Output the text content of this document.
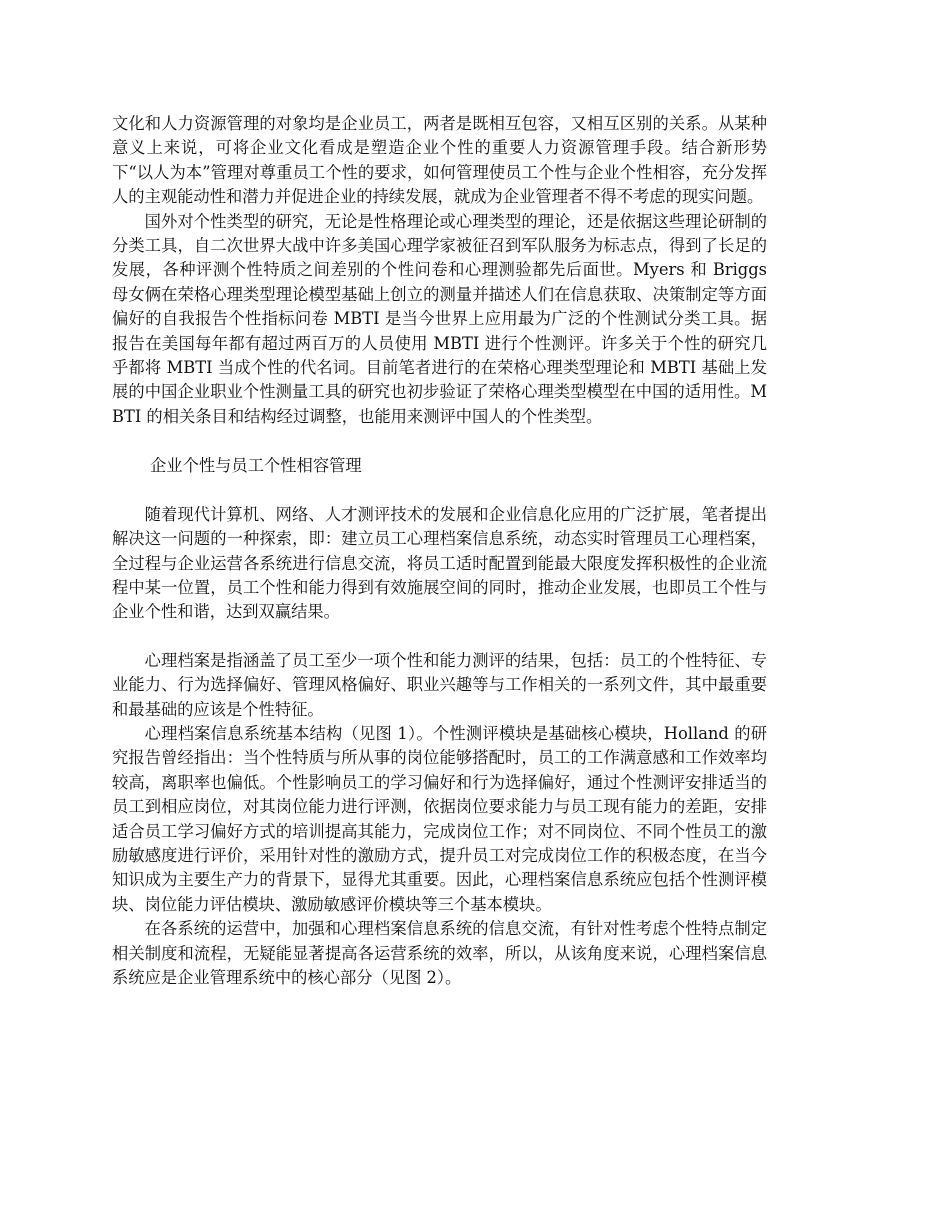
文化和人力资源管理的对象均是企业员工，两者是既相互包容，又相互区别的关系。从某种意义上来说，可将企业文化看成是塑造企业个性的重要人力资源管理手段。结合新形势下“以人为本”管理对尊重员工个性的要求，如何管理使员工个性与企业个性相容，充分发挥人的主观能动性和潜力并促进企业的持续发展，就成为企业管理者不得不考虑的现实问题。

国外对个性类型的研究，无论是性格理论或心理类型的理论，还是依据这些理论研制的分类工具，自二次世界大战中许多美国心理学家被征召到军队服务为标志点，得到了长足的发展，各种评测个性特质之间差别的个性问卷和心理测验都先后面世。Myers 和 Briggs 母女俩在荣格心理类型理论模型基础上创立的测量并描述人们在信息获取、决策制定等方面偏好的自我报告个性指标问卷 MBTI 是当今世界上应用最为广泛的个性测试分类工具。据报告在美国每年都有超过两百万的人员使用 MBTI 进行个性测评。许多关于个性的研究几乎都将 MBTI 当成个性的代名词。目前笔者进行的在荣格心理类型理论和 MBTI 基础上发展的中国企业职业个性测量工具的研究也初步验证了荣格心理类型模型在中国的适用性。MBTI 的相关条目和结构经过调整，也能用来测评中国人的个性类型。

企业个性与员工个性相容管理

随着现代计算机、网络、人才测评技术的发展和企业信息化应用的广泛扩展，笔者提出解决这一问题的一种探索，即：建立员工心理档案信息系统，动态实时管理员工心理档案，全过程与企业运营各系统进行信息交流，将员工适时配置到能最大限度发挥积极性的企业流程中某一位置，员工个性和能力得到有效施展空间的同时，推动企业发展，也即员工个性与企业个性和谐，达到双赢结果。

心理档案是指涵盖了员工至少一项个性和能力测评的结果，包括：员工的个性特征、专业能力、行为选择偏好、管理风格偏好、职业兴趣等与工作相关的一系列文件，其中最重要和最基础的应该是个性特征。

心理档案信息系统基本结构（见图 1）。个性测评模块是基础核心模块，Holland 的研究报告曾经指出：当个性特质与所从事的岗位能够搭配时，员工的工作满意感和工作效率均较高，离职率也偏低。个性影响员工的学习偏好和行为选择偏好，通过个性测评安排适当的员工到相应岗位，对其岗位能力进行评测，依据岗位要求能力与员工现有能力的差距，安排适合员工学习偏好方式的培训提高其能力，完成岗位工作；对不同岗位、不同个性员工的激励敏感度进行评价，采用针对性的激励方式，提升员工对完成岗位工作的积极态度，在当今知识成为主要生产力的背景下，显得尤其重要。因此，心理档案信息系统应包括个性测评模块、岗位能力评估模块、激励敏感评价模块等三个基本模块。

在各系统的运营中，加强和心理档案信息系统的信息交流，有针对性考虑个性特点制定相关制度和流程，无疑能显著提高各运营系统的效率，所以，从该角度来说，心理档案信息系统应是企业管理系统中的核心部分（见图 2）。
